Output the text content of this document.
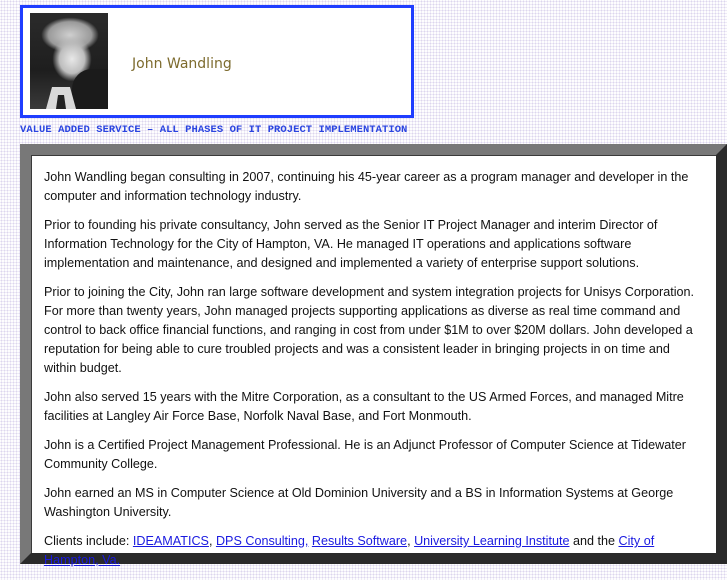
John Wandling
VALUE ADDED SERVICE – ALL PHASES OF IT PROJECT IMPLEMENTATION

John Wandling began consulting in 2007, continuing his 45-year career as a program manager and developer in the computer and information technology industry.

Prior to founding his private consultancy, John served as the Senior IT Project Manager and interim Director of Information Technology for the City of Hampton, VA. He managed IT operations and applications software implementation and maintenance, and designed and implemented a variety of enterprise support solutions.

Prior to joining the City, John ran large software development and system integration projects for Unisys Corporation. For more than twenty years, John managed projects supporting applications as diverse as real time command and control to back office financial functions, and ranging in cost from under $1M to over $20M dollars. John developed a reputation for being able to cure troubled projects and was a consistent leader in bringing projects in on time and within budget.

John also served 15 years with the Mitre Corporation, as a consultant to the US Armed Forces, and managed Mitre facilities at Langley Air Force Base, Norfolk Naval Base, and Fort Monmouth.

John is a Certified Project Management Professional. He is an Adjunct Professor of Computer Science at Tidewater Community College.

John earned an MS in Computer Science at Old Dominion University and a BS in Information Systems at George Washington University.

Clients include: IDEAMATICS, DPS Consulting, Results Software, University Learning Institute and the City of Hampton, Va.
